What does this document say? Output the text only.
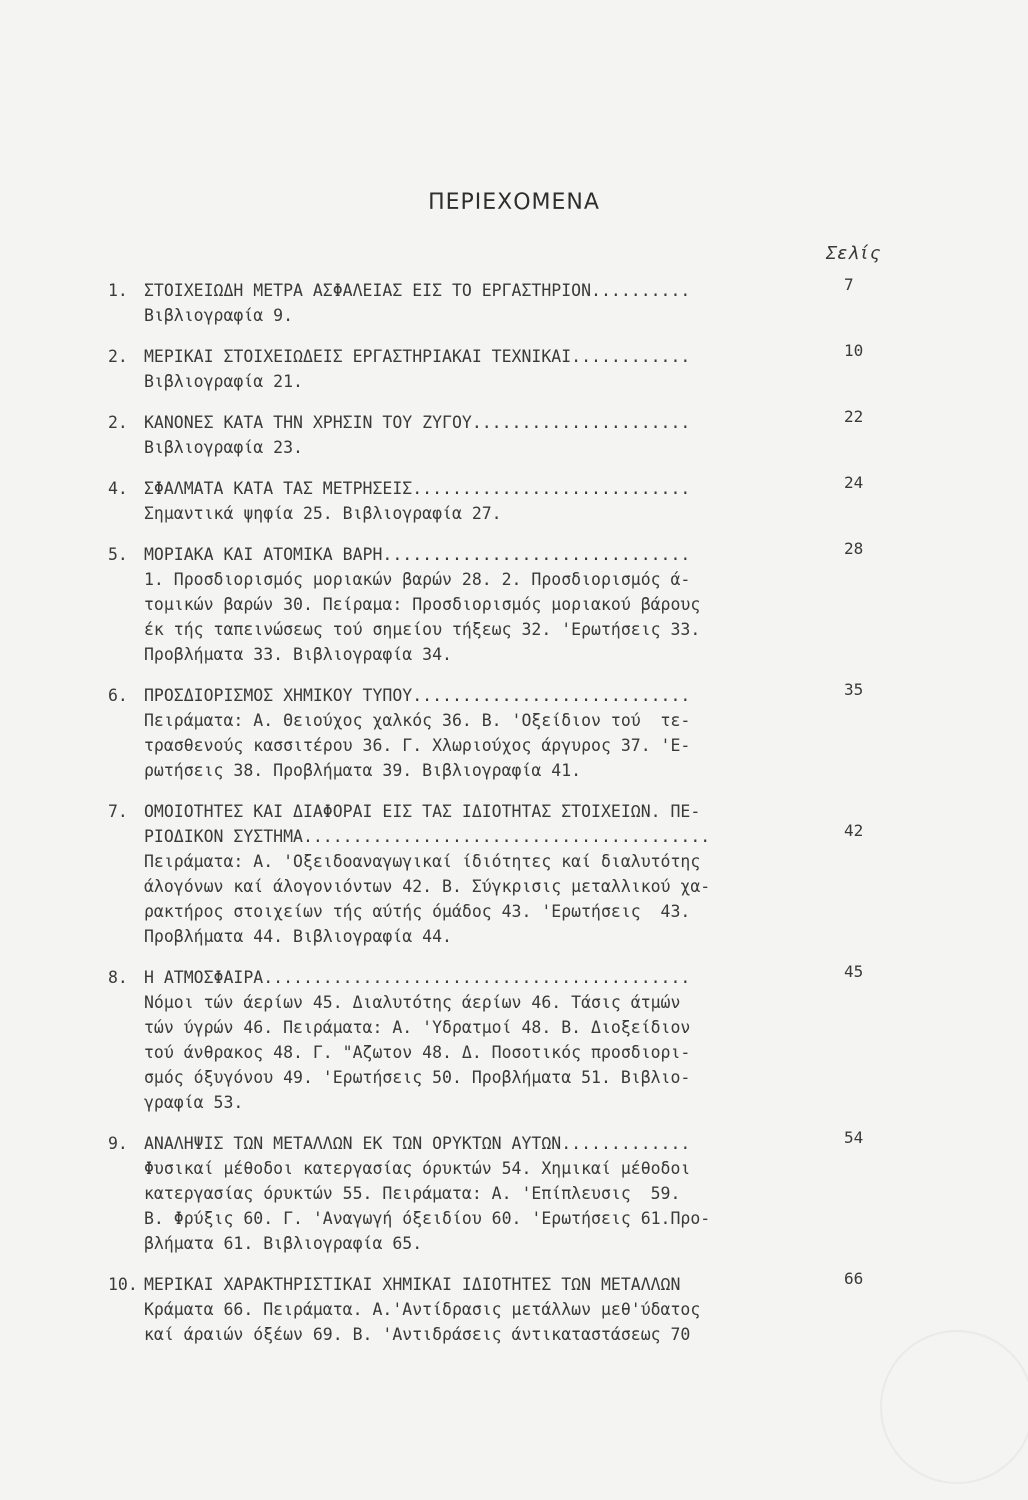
ΠΕΡΙΕΧΟΜΕΝΑ
Σελίς
1. ΣΤΟΙΧΕΙΩΔΗ ΜΕΤΡΑ ΑΣΦΑΛΕΙΑΣ ΕΙΣ ΤΟ ΕΡΓΑΣΤΗΡΙΟΝ..........	7
Βιβλιογραφία 9.
2. ΜΕΡΙΚΑΙ ΣΤΟΙΧΕΙΩΔΕΙΣ ΕΡΓΑΣΤΗΡΙΑΚΑΙ ΤΕΧΝΙΚΑΙ............	10
Βιβλιογραφία 21.
2. ΚΑΝΟΝΕΣ ΚΑΤΑ ΤΗΝ ΧΡΗΣΙΝ ΤΟΥ ΖΥΓΟΥ......................	22
Βιβλιογραφία 23.
4. ΣΦΑΛΜΑΤΑ ΚΑΤΑ ΤΑΣ ΜΕΤΡΗΣΕΙΣ............................	24
Σημαντικά ψηφία 25. Βιβλιογραφία 27.
5. ΜΟΡΙΑΚΑ ΚΑΙ ΑΤΟΜΙΚΑ ΒΑΡΗ...............................	28
1. Προσδιορισμός μοριακών βαρών 28. 2. Προσδιορισμός ά-
τομικών βαρών 30. Πείραμα: Προσδιορισμός μοριακού βάρους
έκ τής ταπεινώσεως τού σημείου τήξεως 32. 'Ερωτήσεις 33.
Προβλήματα 33. Βιβλιογραφία 34.
6. ΠΡΟΣΔΙΟΡΙΣΜΟΣ ΧΗΜΙΚΟΥ ΤΥΠΟΥ............................	35
Πειράματα: Α. Θειούχος χαλκός 36. Β. 'Οξείδιον τού  τε-
τρασθενούς κασσιτέρου 36. Γ. Χλωριούχος άργυρος 37. 'Ε-
ρωτήσεις 38. Προβλήματα 39. Βιβλιογραφία 41.
7. ΟΜΟΙΟΤΗΤΕΣ ΚΑΙ ΔΙΑΦΟΡΑΙ ΕΙΣ ΤΑΣ ΙΔΙΟΤΗΤΑΣ ΣΤΟΙΧΕΙΩΝ. ΠΕ-
ΡΙΟΔΙΚΟΝ ΣΥΣΤΗΜΑ.........................................	42
Πειράματα: Α. 'Οξειδοαναγωγικαί ίδιότητες καί διαλυτότης
άλογόνων καί άλογονιόντων 42. Β. Σύγκρισις μεταλλικού χα-
ρακτήρος στοιχείων τής αύτής όμάδος 43. 'Ερωτήσεις  43.
Προβλήματα 44. Βιβλιογραφία 44.
8. Η ΑΤΜΟΣΦΑΙΡΑ...........................................	45
Νόμοι τών άερίων 45. Διαλυτότης άερίων 46. Τάσις άτμών
τών ύγρών 46. Πειράματα: Α. 'Υδρατμοί 48. Β. Διοξείδιον
τού άνθρακος 48. Γ. "Αζωτον 48. Δ. Ποσοτικός προσδιορι-
σμός όξυγόνου 49. 'Ερωτήσεις 50. Προβλήματα 51. Βιβλιο-
γραφία 53.
9. ΑΝΑΛΗΨΙΣ ΤΩΝ ΜΕΤΑΛΛΩΝ ΕΚ ΤΩΝ ΟΡΥΚΤΩΝ ΑΥΤΩΝ.............	54
Φυσικαί μέθοδοι κατεργασίας όρυκτών 54. Χημικαί μέθοδοι
κατεργασίας όρυκτών 55. Πειράματα: Α. 'Επίπλευσις  59.
Β. Φρύξις 60. Γ. 'Αναγωγή όξειδίου 60. 'Ερωτήσεις 61.Προ-
βλήματα 61. Βιβλιογραφία 65.
10. ΜΕΡΙΚΑΙ ΧΑΡΑΚΤΗΡΙΣΤΙΚΑΙ ΧΗΜΙΚΑΙ ΙΔΙΟΤΗΤΕΣ ΤΩΝ ΜΕΤΑΛΛΩΝ	66
Κράματα 66. Πειράματα. Α.'Αντίδρασις μετάλλων μεθ'ύδατος
καί άραιών όξέων 69. Β. 'Αντιδράσεις άντικαταστάσεως 70
